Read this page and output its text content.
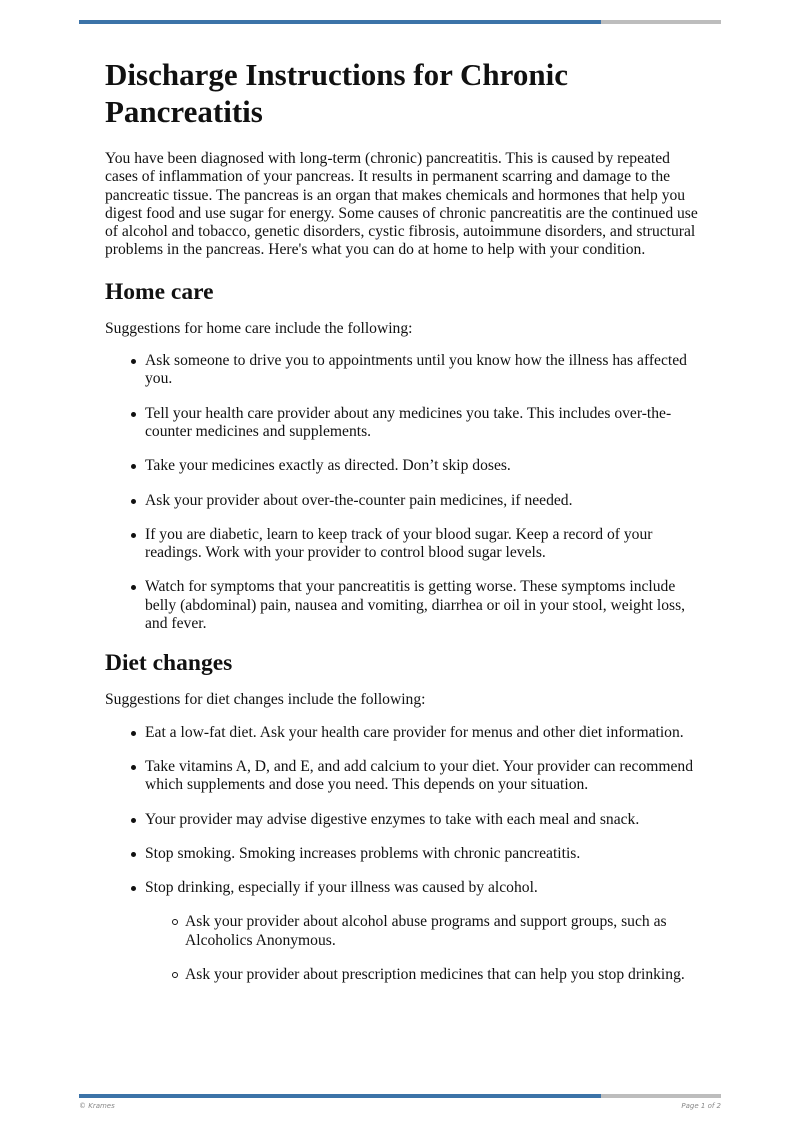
Discharge Instructions for Chronic Pancreatitis

You have been diagnosed with long-term (chronic) pancreatitis. This is caused by repeated cases of inflammation of your pancreas. It results in permanent scarring and damage to the pancreatic tissue. The pancreas is an organ that makes chemicals and hormones that help you digest food and use sugar for energy. Some causes of chronic pancreatitis are the continued use of alcohol and tobacco, genetic disorders, cystic fibrosis, autoimmune disorders, and structural problems in the pancreas. Here's what you can do at home to help with your condition.

Home care

Suggestions for home care include the following:

Ask someone to drive you to appointments until you know how the illness has affected you.
Tell your health care provider about any medicines you take. This includes over-the-counter medicines and supplements.
Take your medicines exactly as directed. Don’t skip doses.
Ask your provider about over-the-counter pain medicines, if needed.
If you are diabetic, learn to keep track of your blood sugar. Keep a record of your readings. Work with your provider to control blood sugar levels.
Watch for symptoms that your pancreatitis is getting worse. These symptoms include belly (abdominal) pain, nausea and vomiting, diarrhea or oil in your stool, weight loss, and fever.
Diet changes

Suggestions for diet changes include the following:

Eat a low-fat diet. Ask your health care provider for menus and other diet information.
Take vitamins A, D, and E, and add calcium to your diet. Your provider can recommend which supplements and dose you need. This depends on your situation.
Your provider may advise digestive enzymes to take with each meal and snack.
Stop smoking. Smoking increases problems with chronic pancreatitis.
Stop drinking, especially if your illness was caused by alcohol.
Ask your provider about alcohol abuse programs and support groups, such as Alcoholics Anonymous.
Ask your provider about prescription medicines that can help you stop drinking.
© Krames	Page 1 of 2
